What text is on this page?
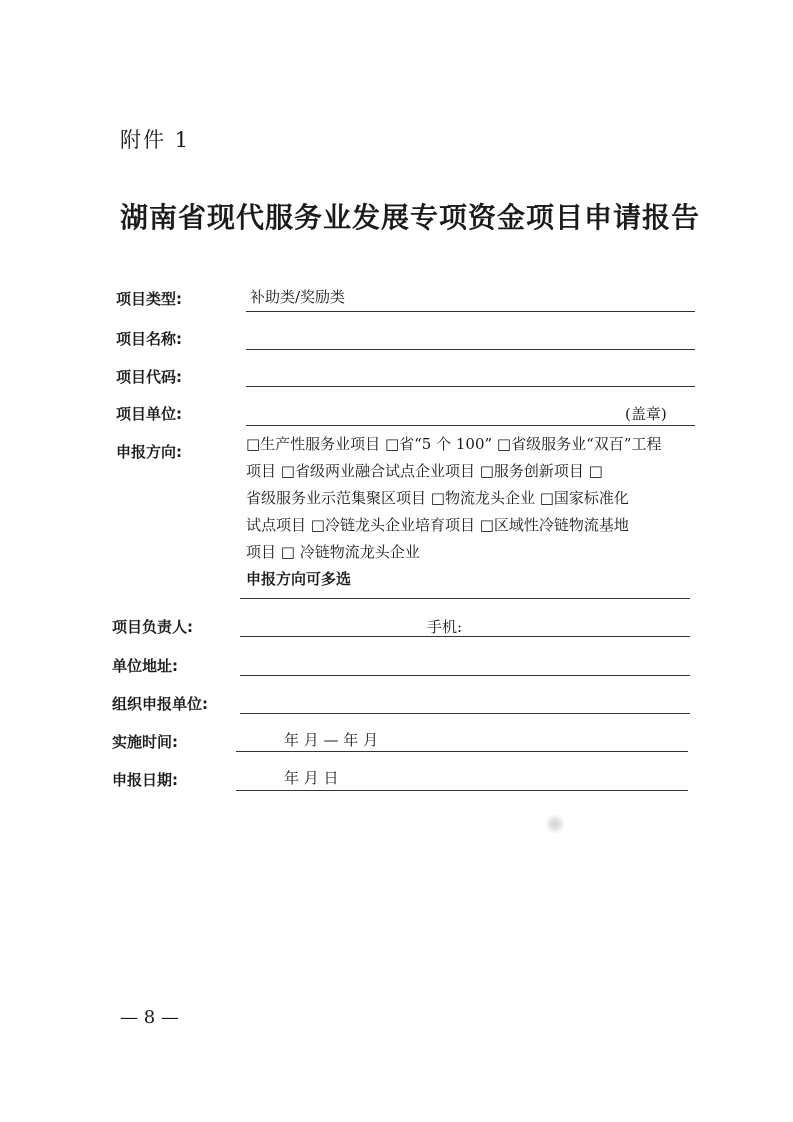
附件 1
湖南省现代服务业发展专项资金项目申请报告
项目类型:	补助类/奖励类
项目名称:
项目代码:
项目单位:	(盖章)
申报方向:	□生产性服务业项目 □省“5 个 100” □省级服务业“双百”工程
项目 □省级两业融合试点企业项目 □服务创新项目 □
省级服务业示范集聚区项目 □物流龙头企业 □国家标准化
试点项目 □冷链龙头企业培育项目 □区域性冷链物流基地
项目 □ 冷链物流龙头企业
申报方向可多选
项目负责人:	手机:
单位地址:
组织申报单位:
实施时间:	年 月 — 年 月
申报日期:	年 月 日
— 8 —
